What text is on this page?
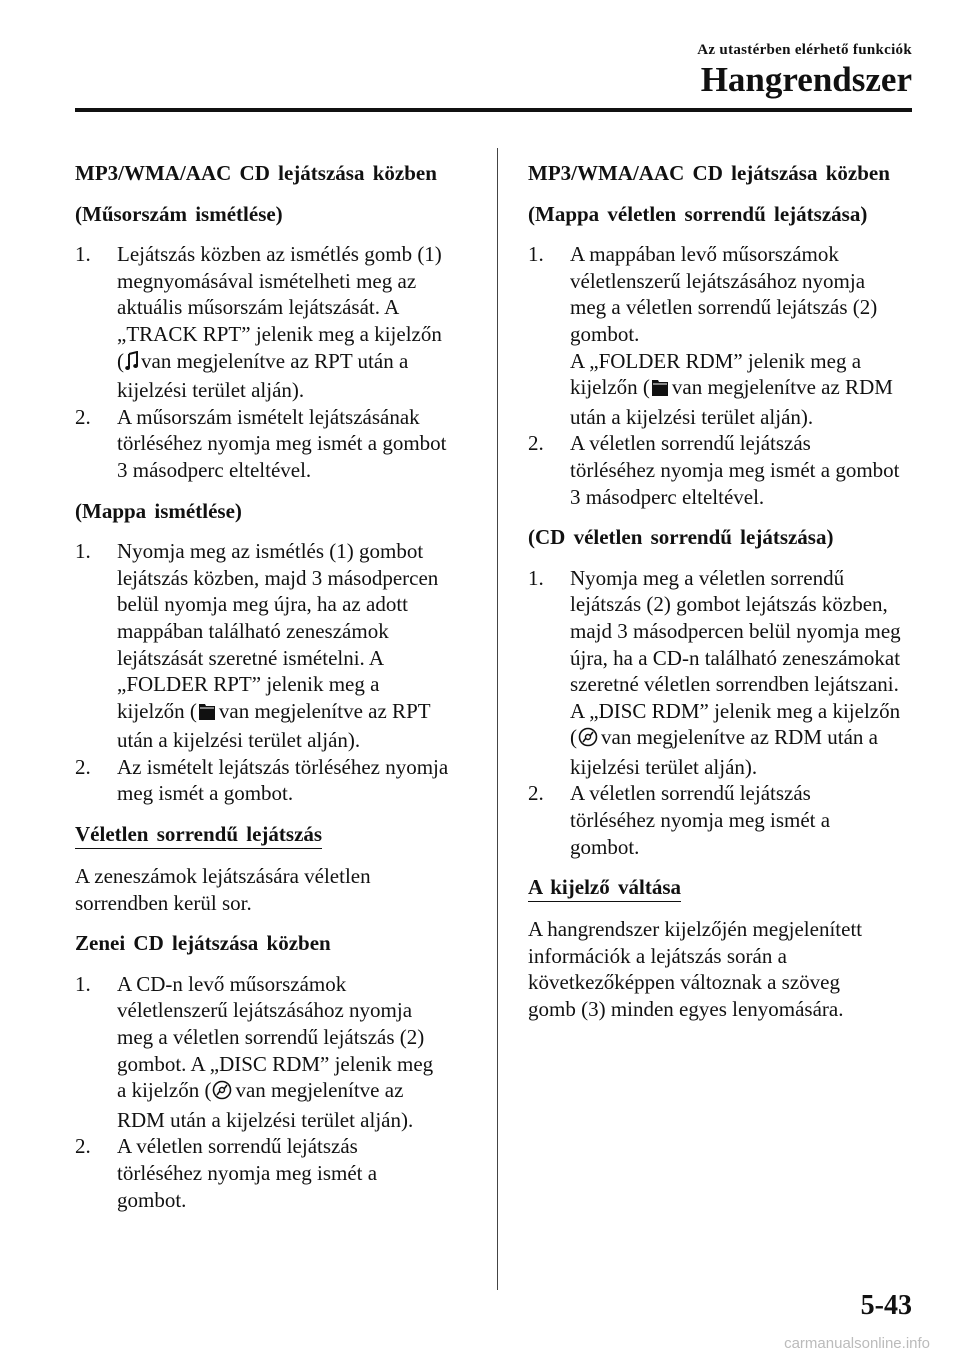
Az utastérben elérhető funkciók
Hangrendszer
MP3/WMA/AAC CD lejátszása közben
(Műsorszám ismétlése)
1. Lejátszás közben az ismétlés gomb (1)
megnyomásával ismételheti meg az
aktuális műsorszám lejátszását. A
„TRACK RPT” jelenik meg a kijelzőn
( van megjelenítve az RPT után a
kijelzési terület alján).
2. A műsorszám ismételt lejátszásának
törléséhez nyomja meg ismét a gombot
3 másodperc elteltével.
(Mappa ismétlése)
1. Nyomja meg az ismétlés (1) gombot
lejátszás közben, majd 3 másodpercen
belül nyomja meg újra, ha az adott
mappában található zeneszámok
lejátszását szeretné ismételni. A
„FOLDER RPT” jelenik meg a
kijelzőn ( van megjelenítve az RPT
után a kijelzési terület alján).
2. Az ismételt lejátszás törléséhez nyomja
meg ismét a gombot.
Véletlen sorrendű lejátszás
A zeneszámok lejátszására véletlen
sorrendben kerül sor.
Zenei CD lejátszása közben
1. A CD-n levő műsorszámok
véletlenszerű lejátszásához nyomja
meg a véletlen sorrendű lejátszás (2)
gombot. A „DISC RDM” jelenik meg
a kijelzőn ( van megjelenítve az
RDM után a kijelzési terület alján).
2. A véletlen sorrendű lejátszás
törléséhez nyomja meg ismét a
gombot.
MP3/WMA/AAC CD lejátszása közben
(Mappa véletlen sorrendű lejátszása)
1. A mappában levő műsorszámok
véletlenszerű lejátszásához nyomja
meg a véletlen sorrendű lejátszás (2)
gombot.
A „FOLDER RDM” jelenik meg a
kijelzőn ( van megjelenítve az RDM
után a kijelzési terület alján).
2. A véletlen sorrendű lejátszás
törléséhez nyomja meg ismét a gombot
3 másodperc elteltével.
(CD véletlen sorrendű lejátszása)
1. Nyomja meg a véletlen sorrendű
lejátszás (2) gombot lejátszás közben,
majd 3 másodpercen belül nyomja meg
újra, ha a CD-n található zeneszámokat
szeretné véletlen sorrendben lejátszani.
A „DISC RDM” jelenik meg a kijelzőn
( van megjelenítve az RDM után a
kijelzési terület alján).
2. A véletlen sorrendű lejátszás
törléséhez nyomja meg ismét a
gombot.
A kijelző váltása
A hangrendszer kijelzőjén megjelenített
információk a lejátszás során a
következőképpen változnak a szöveg
gomb (3) minden egyes lenyomására.
5-43
carmanualsonline.info
